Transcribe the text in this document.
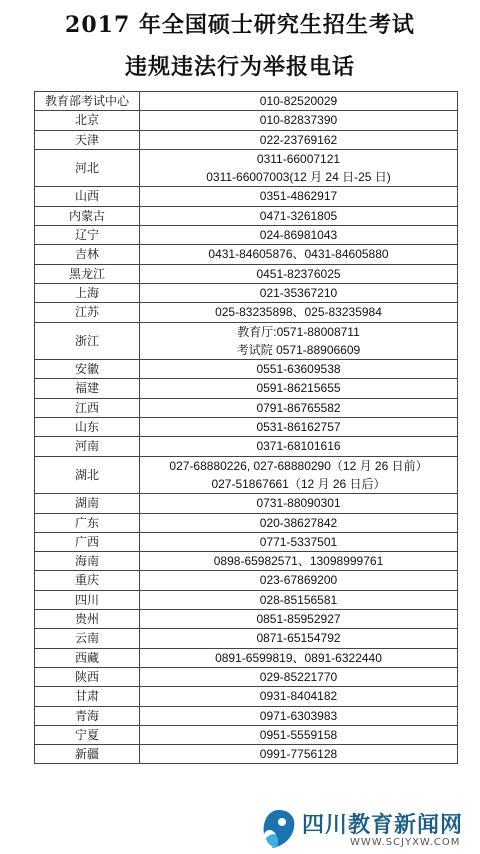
2017 年全国硕士研究生招生考试
违规违法行为举报电话
教育部考试中心	010-82520029

北京	010-82837390

天津	022-23769162

河北	0311-66007121
0311-66007003(12 月 24 日-25 日)

山西	0351-4862917

内蒙古	0471-3261805

辽宁	024-86981043

吉林	0431-84605876、0431-84605880

黑龙江	0451-82376025

上海	021-35367210

江苏	025-83235898、025-83235984

浙江	教育厅:0571-88008711
考试院 0571-88906609

安徽	0551-63609538

福建	0591-86215655

江西	0791-86765582

山东	0531-86162757

河南	0371-68101616

湖北	027-68880226, 027-68880290（12 月 26 日前）
027-51867661（12 月 26 日后）

湖南	0731-88090301

广东	020-38627842

广西	0771-5337501

海南	0898-65982571、13098999761

重庆	023-67869200

四川	028-85156581

贵州	0851-85952927

云南	0871-65154792

西藏	0891-6599819、0891-6322440

陕西	029-85221770

甘肃	0931-8404182

青海	0971-6303983

宁夏	0951-5559158

新疆	0991-7756128
四川教育新闻网
WWW.SCJYXW.COM
